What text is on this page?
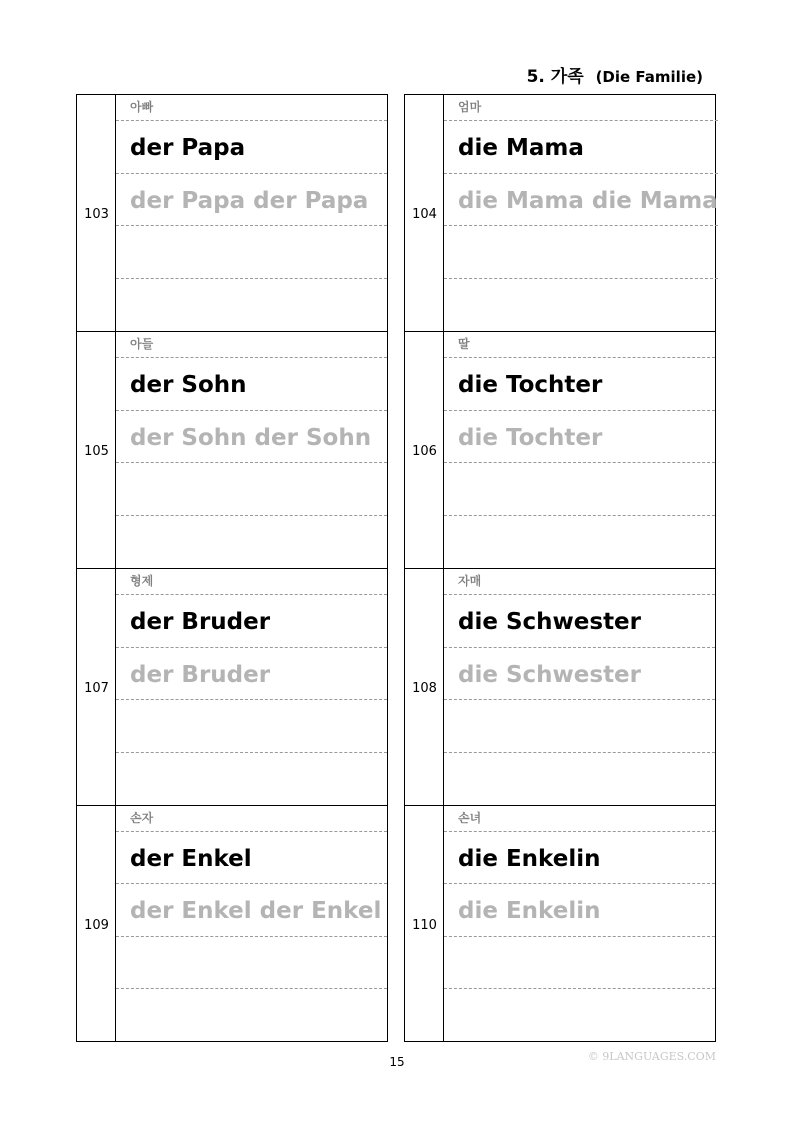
5. 가족 (Die Familie)
103
아빠
der Papa
der Papa der Papa
105
아들
der Sohn
der Sohn der Sohn
107
형제
der Bruder
der Bruder
109
손자
der Enkel
der Enkel der Enkel
104
엄마
die Mama
die Mama die Mama
106
딸
die Tochter
die Tochter
108
자매
die Schwester
die Schwester
110
손녀
die Enkelin
die Enkelin
15	© 9LANGUAGES.COM
